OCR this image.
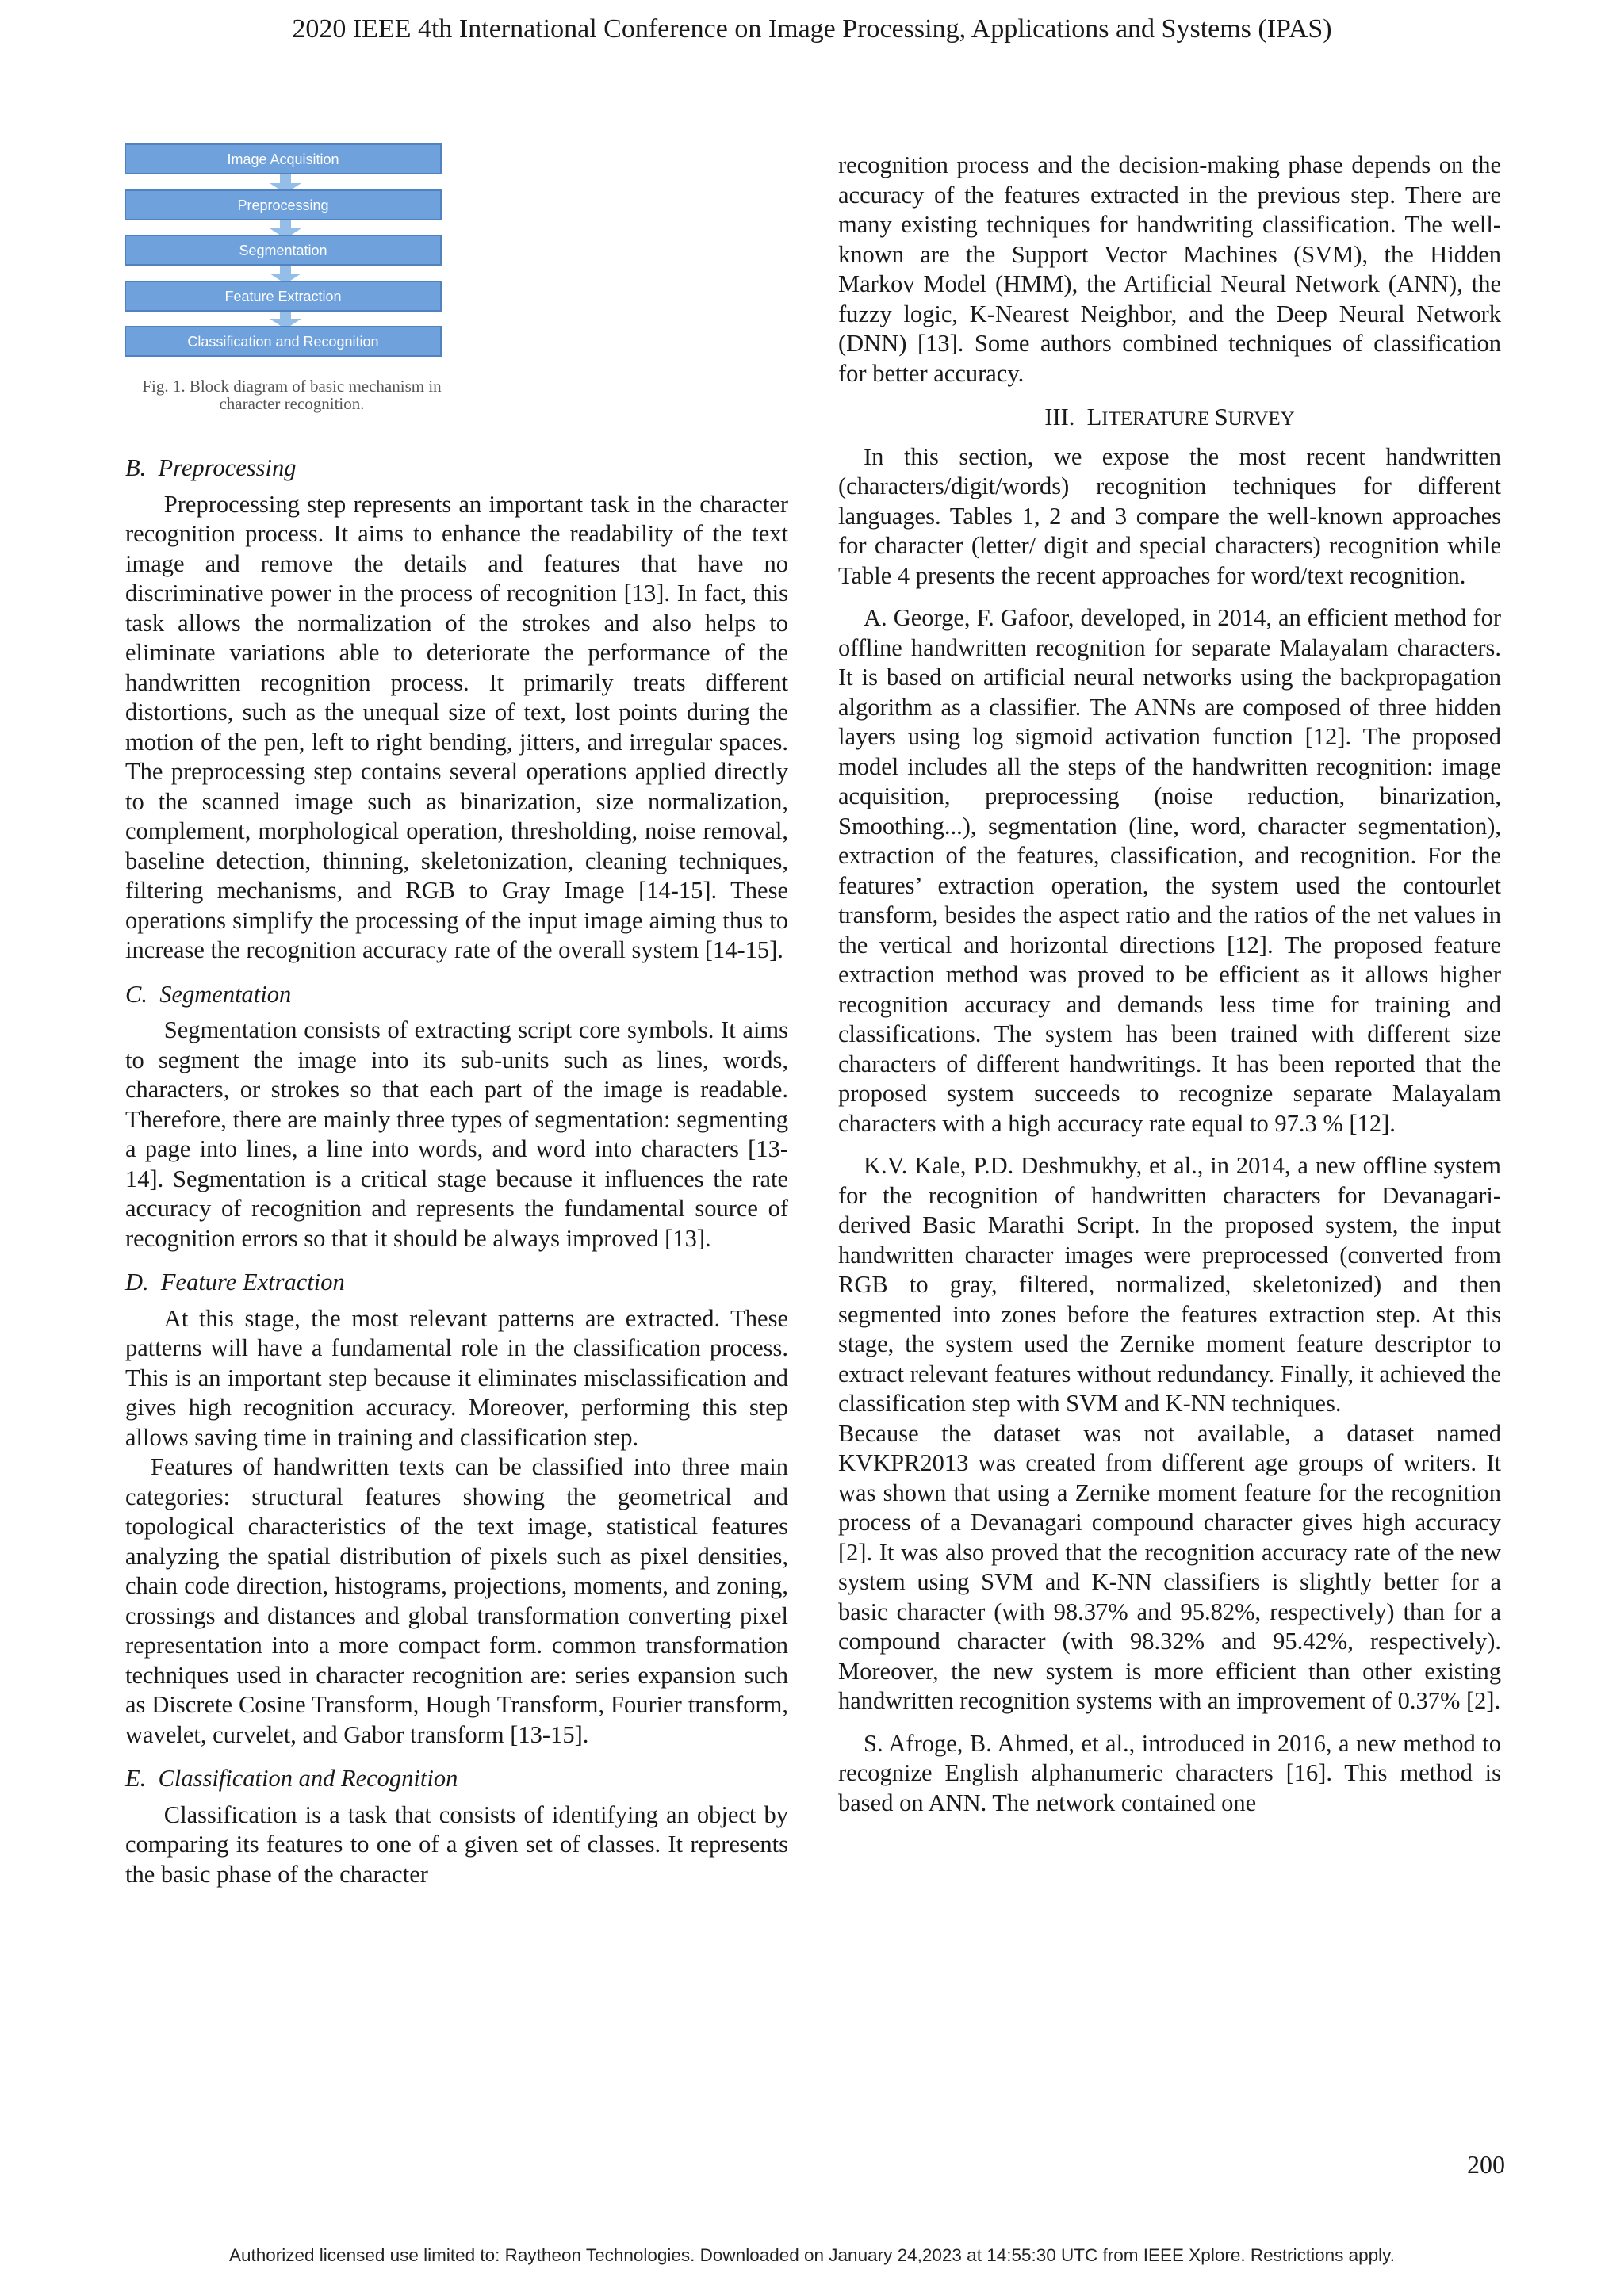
2020 IEEE 4th International Conference on Image Processing, Applications and Systems (IPAS)
Image Acquisition
Preprocessing
Segmentation
Feature Extraction
Classification and Recognition
Fig. 1. Block diagram of basic mechanism in character recognition.
B. Preprocessing

Preprocessing step represents an important task in the character recognition process. It aims to enhance the readability of the text image and remove the details and features that have no discriminative power in the process of recognition [13]. In fact, this task allows the normalization of the strokes and also helps to eliminate variations able to deteriorate the performance of the handwritten recognition process. It primarily treats different distortions, such as the unequal size of text, lost points during the motion of the pen, left to right bending, jitters, and irregular spaces. The preprocessing step contains several operations applied directly to the scanned image such as binarization, size normalization, complement, morphological operation, thresholding, noise removal, baseline detection, thinning, skeletonization, cleaning techniques, filtering mechanisms, and RGB to Gray Image [14-15]. These operations simplify the processing of the input image aiming thus to increase the recognition accuracy rate of the overall system [14-15].

C. Segmentation

Segmentation consists of extracting script core symbols. It aims to segment the image into its sub-units such as lines, words, characters, or strokes so that each part of the image is readable. Therefore, there are mainly three types of segmentation: segmenting a page into lines, a line into words, and word into characters [13-14]. Segmentation is a critical stage because it influences the rate accuracy of recognition and represents the fundamental source of recognition errors so that it should be always improved [13].

D. Feature Extraction

At this stage, the most relevant patterns are extracted. These patterns will have a fundamental role in the classification process. This is an important step because it eliminates misclassification and gives high recognition accuracy. Moreover, performing this step allows saving time in training and classification step.

Features of handwritten texts can be classified into three main categories: structural features showing the geometrical and topological characteristics of the text image, statistical features analyzing the spatial distribution of pixels such as pixel densities, chain code direction, histograms, projections, moments, and zoning, crossings and distances and global transformation converting pixel representation into a more compact form. common transformation techniques used in character recognition are: series expansion such as Discrete Cosine Transform, Hough Transform, Fourier transform, wavelet, curvelet, and Gabor transform [13-15].

E. Classification and Recognition

Classification is a task that consists of identifying an object by comparing its features to one of a given set of classes. It represents the basic phase of the character

recognition process and the decision-making phase depends on the accuracy of the features extracted in the previous step. There are many existing techniques for handwriting classification. The well-known are the Support Vector Machines (SVM), the Hidden Markov Model (HMM), the Artificial Neural Network (ANN), the fuzzy logic, K-Nearest Neighbor, and the Deep Neural Network (DNN) [13]. Some authors combined techniques of classification for better accuracy.

III. LITERATURE SURVEY

In this section, we expose the most recent handwritten (characters/digit/words) recognition techniques for different languages. Tables 1, 2 and 3 compare the well-known approaches for character (letter/ digit and special characters) recognition while Table 4 presents the recent approaches for word/text recognition.

A. George, F. Gafoor, developed, in 2014, an efficient method for offline handwritten recognition for separate Malayalam characters. It is based on artificial neural networks using the backpropagation algorithm as a classifier. The ANNs are composed of three hidden layers using log sigmoid activation function [12]. The proposed model includes all the steps of the handwritten recognition: image acquisition, preprocessing (noise reduction, binarization, Smoothing...), segmentation (line, word, character segmentation), extraction of the features, classification, and recognition. For the features’ extraction operation, the system used the contourlet transform, besides the aspect ratio and the ratios of the net values in the vertical and horizontal directions [12]. The proposed feature extraction method was proved to be efficient as it allows higher recognition accuracy and demands less time for training and classifications. The system has been trained with different size characters of different handwritings. It has been reported that the proposed system succeeds to recognize separate Malayalam characters with a high accuracy rate equal to 97.3 % [12].

K.V. Kale, P.D. Deshmukhy, et al., in 2014, a new offline system for the recognition of handwritten characters for Devanagari-derived Basic Marathi Script. In the proposed system, the input handwritten character images were preprocessed (converted from RGB to gray, filtered, normalized, skeletonized) and then segmented into zones before the features extraction step. At this stage, the system used the Zernike moment feature descriptor to extract relevant features without redundancy. Finally, it achieved the classification step with SVM and K-NN techniques.

Because the dataset was not available, a dataset named KVKPR2013 was created from different age groups of writers. It was shown that using a Zernike moment feature for the recognition process of a Devanagari compound character gives high accuracy [2]. It was also proved that the recognition accuracy rate of the new system using SVM and K-NN classifiers is slightly better for a basic character (with 98.37% and 95.82%, respectively) than for a compound character (with 98.32% and 95.42%, respectively). Moreover, the new system is more efficient than other existing handwritten recognition systems with an improvement of 0.37% [2].

S. Afroge, B. Ahmed, et al., introduced in 2016, a new method to recognize English alphanumeric characters [16]. This method is based on ANN. The network contained one

200
Authorized licensed use limited to: Raytheon Technologies. Downloaded on January 24,2023 at 14:55:30 UTC from IEEE Xplore. Restrictions apply.
